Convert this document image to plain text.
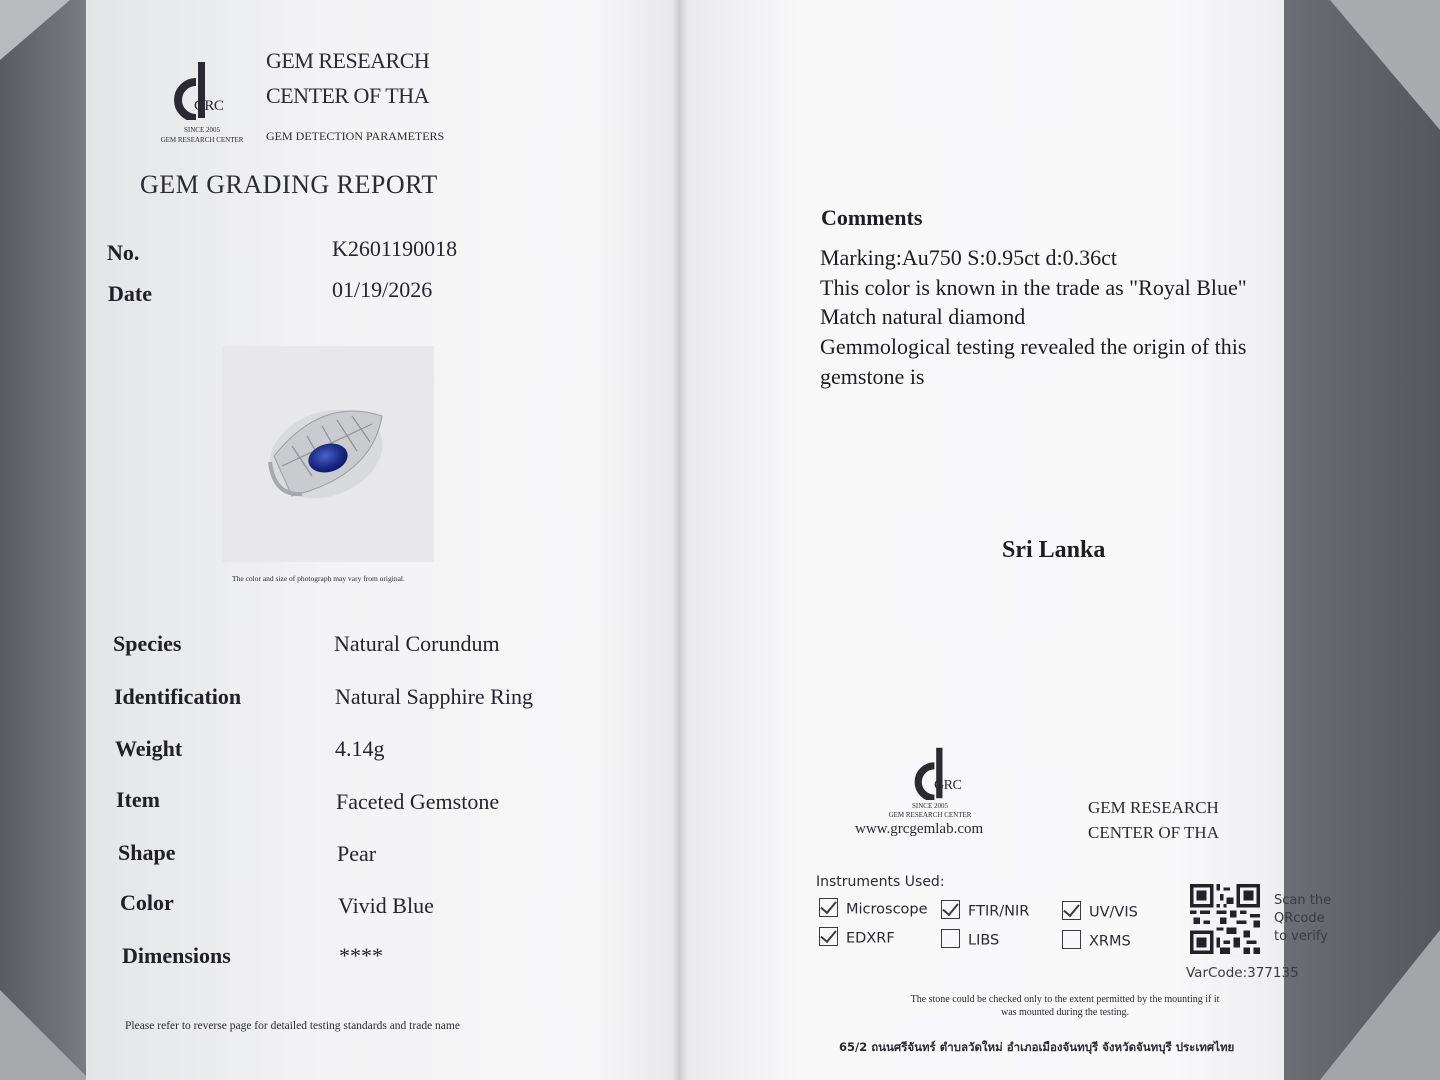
GRC
SINCE 2005
GEM RESEARCH CENTER
GEM RESEARCH
CENTER OF THA
GEM DETECTION PARAMETERS
GEM GRADING REPORT
No.	K2601190018
Date	01/19/2026
The color and size of photograph may vary from original.
Species	Natural Corundum
Identification	Natural Sapphire Ring
Weight	4.14g
Item	Faceted Gemstone
Shape	Pear
Color	Vivid Blue
Dimensions	****
Please refer to reverse page for detailed testing standards and trade name
Comments
Marking:Au750 S:0.95ct d:0.36ct
This color is known in the trade as "Royal Blue"
Match natural diamond
Gemmological testing revealed the origin of this
gemstone is
Sri Lanka
GRC
SINCE 2005
GEM RESEARCH CENTER
www.grcgemlab.com
GEM RESEARCH
CENTER OF THA
Instruments Used:
Microscope	FTIR/NIR	UV/VIS
EDXRF	LIBS	XRMS
Scan the
QRcode
to verify
VarCode:377135
The stone could be checked only to the extent permitted by the mounting if it
was mounted during the testing.
65/2 ถนนศรีจันทร์ ตำบลวัดใหม่ อำเภอเมืองจันทบุรี จังหวัดจันทบุรี ประเทศไทย
